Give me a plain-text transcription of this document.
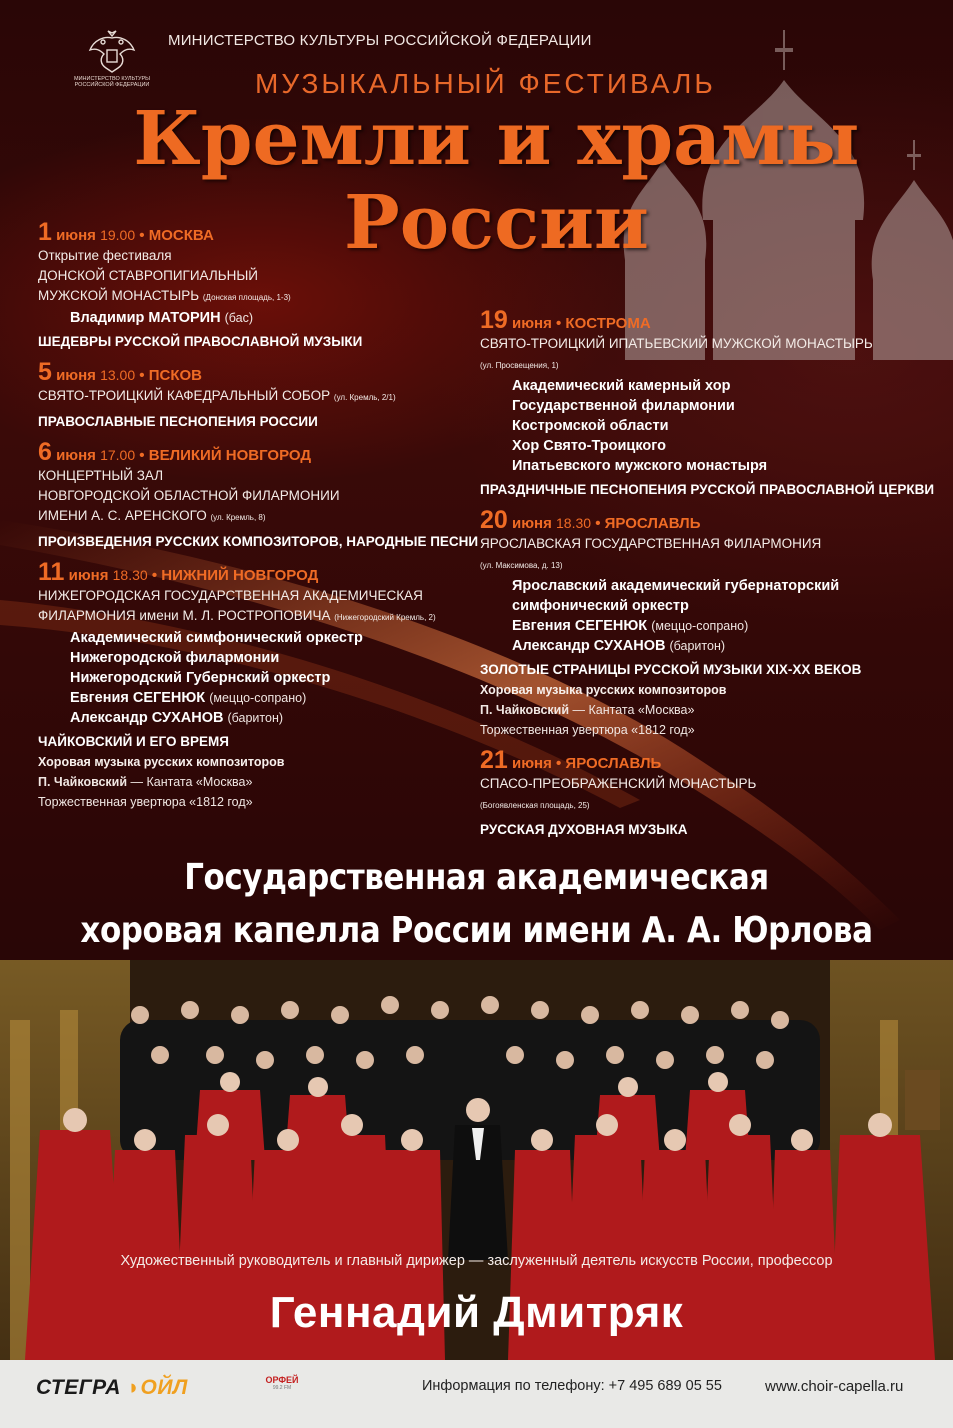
МИНИСТЕРСТВО КУЛЬТУРЫ РОССИЙСКОЙ ФЕДЕРАЦИИ
МИНИСТЕРСТВО КУЛЬТУРЫ РОССИЙСКОЙ ФЕДЕРАЦИИ
МУЗЫКАЛЬНЫЙ ФЕСТИВАЛЬ
Кремли и храмы
России
1 июня 19.00 • МОСКВА
Открытие фестиваля
ДОНСКОЙ СТАВРОПИГИАЛЬНЫЙ
МУЖСКОЙ МОНАСТЫРЬ (Донская площадь, 1-3)
Владимир МАТОРИН (бас)
ШЕДЕВРЫ РУССКОЙ ПРАВОСЛАВНОЙ МУЗЫКИ
5 июня 13.00 • ПСКОВ
СВЯТО-ТРОИЦКИЙ КАФЕДРАЛЬНЫЙ СОБОР (ул. Кремль, 2/1)
ПРАВОСЛАВНЫЕ ПЕСНОПЕНИЯ РОССИИ
6 июня 17.00 • ВЕЛИКИЙ НОВГОРОД
КОНЦЕРТНЫЙ ЗАЛ
НОВГОРОДСКОЙ ОБЛАСТНОЙ ФИЛАРМОНИИ
ИМЕНИ А. С. АРЕНСКОГО (ул. Кремль, 8)
ПРОИЗВЕДЕНИЯ РУССКИХ КОМПОЗИТОРОВ, НАРОДНЫЕ ПЕСНИ
11 июня 18.30 • НИЖНИЙ НОВГОРОД
НИЖЕГОРОДСКАЯ ГОСУДАРСТВЕННАЯ АКАДЕМИЧЕСКАЯ
ФИЛАРМОНИЯ имени М. Л. РОСТРОПОВИЧА (Нижегородский Кремль, 2)
Академический симфонический оркестр
Нижегородской филармонии
Нижегородский Губернский оркестр
Евгения СЕГЕНЮК (меццо-сопрано)
Александр СУХАНОВ (баритон)
ЧАЙКОВСКИЙ И ЕГО ВРЕМЯ
Хоровая музыка русских композиторов
П. Чайковский — Кантата «Москва»
Торжественная увертюра «1812 год»
19 июня • КОСТРОМА
СВЯТО-ТРОИЦКИЙ ИПАТЬЕВСКИЙ МУЖСКОЙ МОНАСТЫРЬ
(ул. Просвещения, 1)
Академический камерный хор
Государственной филармонии
Костромской области
Хор Свято-Троицкого
Ипатьевского мужского монастыря
ПРАЗДНИЧНЫЕ ПЕСНОПЕНИЯ РУССКОЙ ПРАВОСЛАВНОЙ ЦЕРКВИ
20 июня 18.30 • ЯРОСЛАВЛЬ
ЯРОСЛАВСКАЯ ГОСУДАРСТВЕННАЯ ФИЛАРМОНИЯ
(ул. Максимова, д. 13)
Ярославский академический губернаторский
симфонический оркестр
Евгения СЕГЕНЮК (меццо-сопрано)
Александр СУХАНОВ (баритон)
ЗОЛОТЫЕ СТРАНИЦЫ РУССКОЙ МУЗЫКИ XIX-XX ВЕКОВ
Хоровая музыка русских композиторов
П. Чайковский — Кантата «Москва»
Торжественная увертюра «1812 год»
21 июня • ЯРОСЛАВЛЬ
СПАСО-ПРЕОБРАЖЕНСКИЙ МОНАСТЫРЬ
(Богоявленская площадь, 25)
РУССКАЯ ДУХОВНАЯ МУЗЫКА
Государственная академическая
хоровая капелла России имени А. А. Юрлова
Художественный руководитель и главный дирижер — заслуженный деятель искусств России, профессор
Геннадий Дмитряк
СТЕГРА ◗ОЙЛ	ОРФЕЙ
99.2 FM	Информация по телефону: +7 495 689 05 55	www.choir-capella.ru
